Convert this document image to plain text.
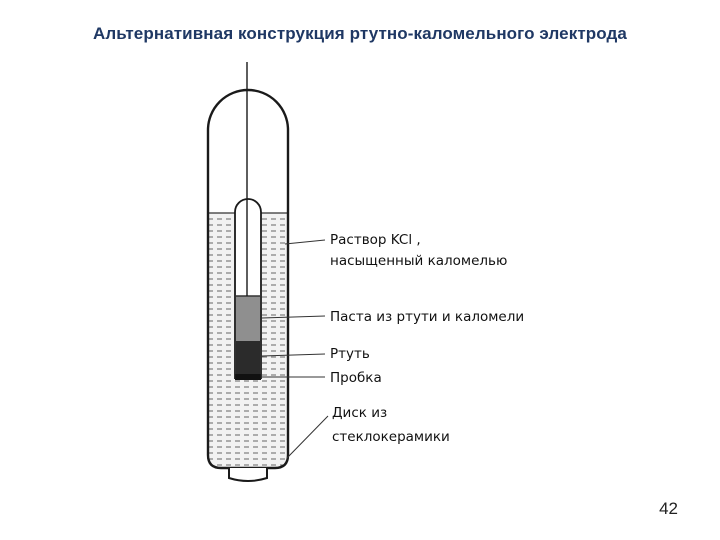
Альтернативная конструкция ртутно-каломельного электрода
Раствор KCl ,
насыщенный каломелью
Паста из ртути и каломели
Ртуть
Пробка
Диск из
стеклокерамики
42
